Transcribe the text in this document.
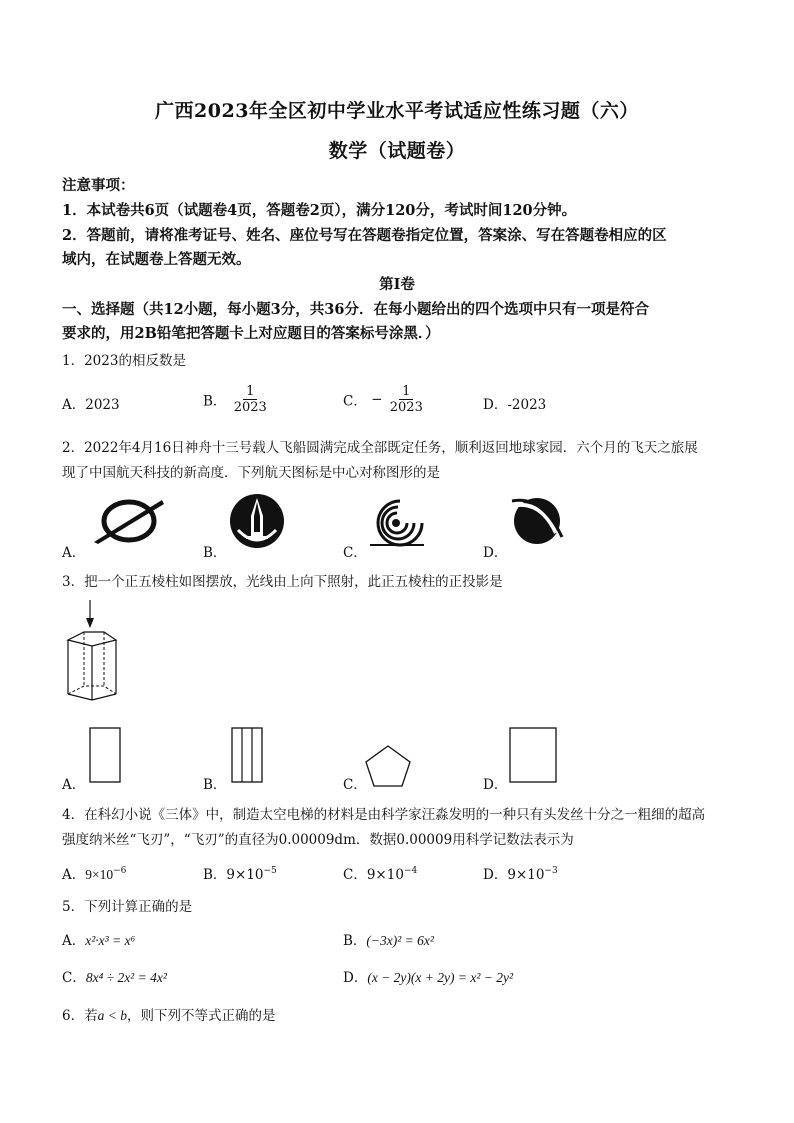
广西2023年全区初中学业水平考试适应性练习题（六）
数学（试题卷）
注意事项：
1．本试卷共6页（试题卷4页，答题卷2页），满分120分，考试时间120分钟。
2．答题前，请将准考证号、姓名、座位号写在答题卷指定位置，答案涂、写在答题卷相应的区
域内，在试题卷上答题无效。
第Ⅰ卷
一、选择题（共12小题，每小题3分，共36分．在每小题给出的四个选项中只有一项是符合
要求的，用2B铅笔把答题卡上对应题目的答案标号涂黑．）
1．2023的相反数是
A．2023	B． $\frac{1}{2023}$	C． − $\frac{1}{2023}$	D．-2023
2．2022年4月16日神舟十三号载人飞船圆满完成全部既定任务，顺利返回地球家园．六个月的飞天之旅展
现了中国航天科技的新高度．下列航天图标是中心对称图形的是
A．	B．	C．	D．
3．把一个正五棱柱如图摆放，光线由上向下照射，此正五棱柱的正投影是
A．	B．	C．	D．
4．在科幻小说《三体》中，制造太空电梯的材料是由科学家汪淼发明的一种只有头发丝十分之一粗细的超高
强度纳米丝“飞刃”，“飞刃”的直径为0.00009dm．数据0.00009用科学记数法表示为
A．$9\times 10^{-6}$	B．$9\times 10^{-5}$	C．$9\times 10^{-4}$	D．$9\times 10^{-3}$
5．下列计算正确的是
A．x²·x³ = x⁶	B．(−3x)² = 6x²
C．8x⁴ ÷ 2x² = 4x²	D．(x − 2y)(x + 2y) = x² − 2y²
6．若a < b，则下列不等式正确的是
